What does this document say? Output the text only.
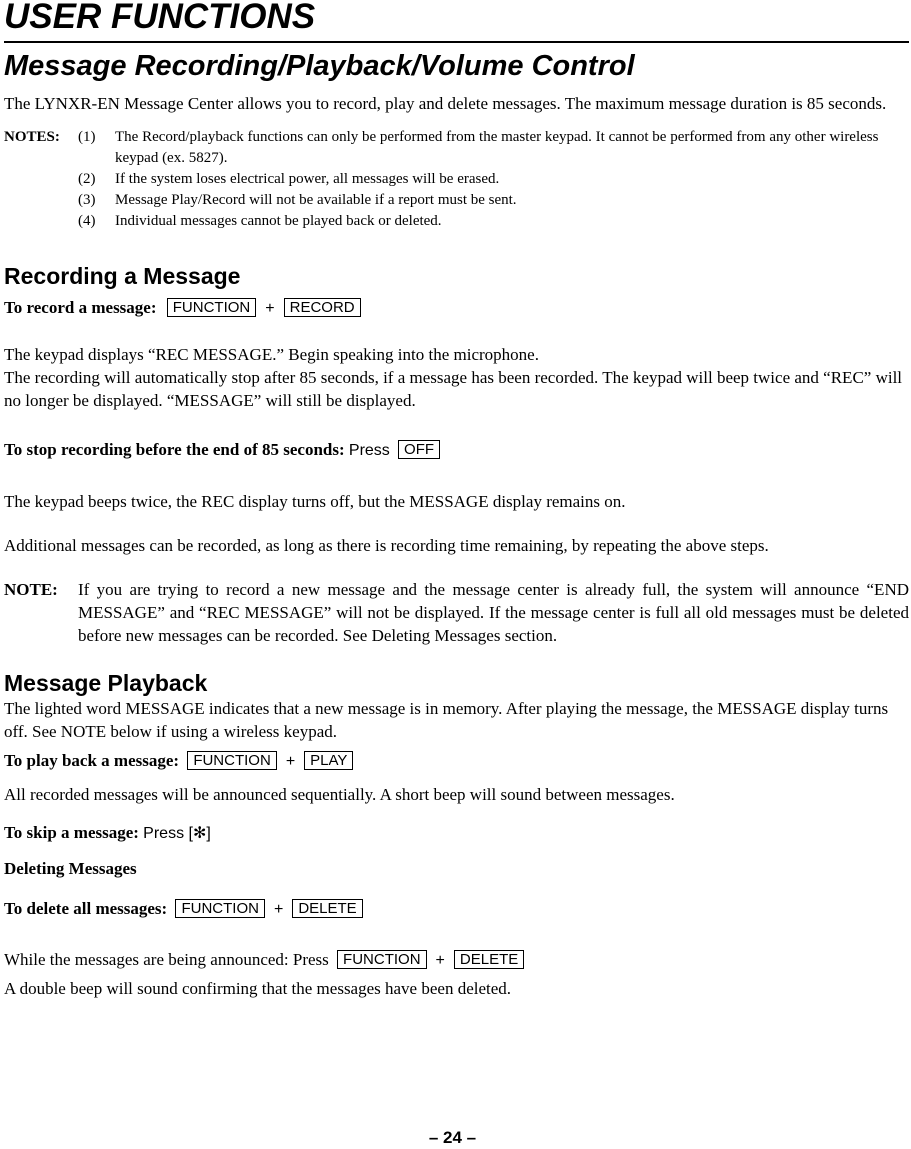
USER FUNCTIONS
Message Recording/Playback/Volume Control

The LYNXR-EN Message Center allows you to record, play and delete messages. The maximum message duration is 85 seconds.

NOTES:	(1)	The Record/playback functions can only be performed from the master keypad. It cannot be performed from any other wireless keypad (ex. 5827).
(2)	If the system loses electrical power, all messages will be erased.
(3)	Message Play/Record will not be available if a report must be sent.
(4)	Individual messages cannot be played back or deleted.
Recording a Message

To record a message: FUNCTION + RECORD

The keypad displays “REC MESSAGE.” Begin speaking into the microphone.

The recording will automatically stop after 85 seconds, if a message has been recorded. The keypad will beep twice and “REC” will no longer be displayed. “MESSAGE” will still be displayed.

To stop recording before the end of 85 seconds: Press OFF

The keypad beeps twice, the REC display turns off, but the MESSAGE display remains on.

Additional messages can be recorded, as long as there is recording time remaining, by repeating the above steps.

NOTE:	If you are trying to record a new message and the message center is already full, the system will announce “END MESSAGE” and “REC MESSAGE” will not be displayed. If the message center is full all old messages must be deleted before new messages can be recorded. See Deleting Messages section.
Message Playback

The lighted word MESSAGE indicates that a new message is in memory. After playing the message, the MESSAGE display turns off. See NOTE below if using a wireless keypad.

To play back a message: FUNCTION + PLAY

All recorded messages will be announced sequentially. A short beep will sound between messages.

To skip a message: Press [✻]

Deleting Messages

To delete all messages: FUNCTION + DELETE

While the messages are being announced: Press FUNCTION + DELETE

A double beep will sound confirming that the messages have been deleted.

– 24 –
